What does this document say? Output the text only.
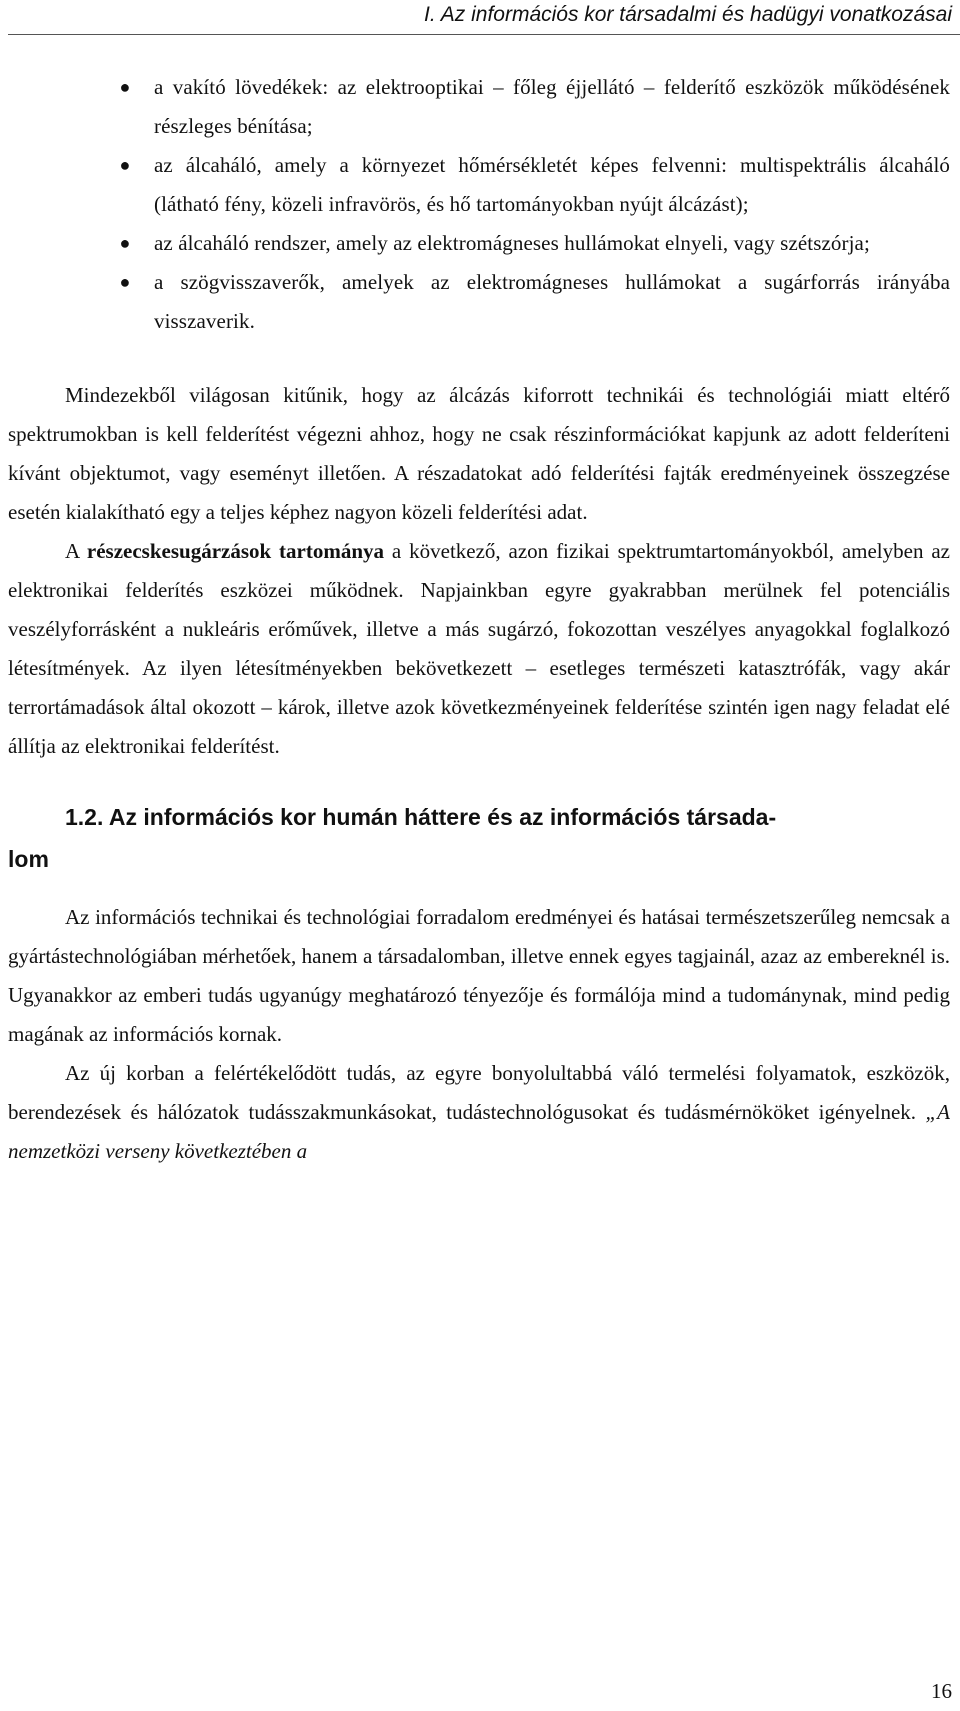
I. Az információs kor társadalmi és hadügyi vonatkozásai
● a vakító lövedékek: az elektrooptikai – főleg éjjellátó – felderítő eszközök működésének részleges bénítása;
● az álcaháló, amely a környezet hőmérsékletét képes felvenni: multispektrális álcaháló (látható fény, közeli infravörös, és hő tartományokban nyújt álcázást);
● az álcaháló rendszer, amely az elektromágneses hullámokat elnyeli, vagy szétszórja;
● a szögvisszaverők, amelyek az elektromágneses hullámokat a sugárforrás irányába visszaverik.

Mindezekből világosan kitűnik, hogy az álcázás kiforrott technikái és technológiái miatt eltérő spektrumokban is kell felderítést végezni ahhoz, hogy ne csak részinformációkat kapjunk az adott felderíteni kívánt objektumot, vagy eseményt illetően. A részadatokat adó felderítési fajták eredményeinek összegzése esetén kialakítható egy a teljes képhez nagyon közeli felderítési adat.

A részecskesugárzások tartománya a következő, azon fizikai spektrumtartományokból, amelyben az elektronikai felderítés eszközei működnek. Napjainkban egyre gyakrabban merülnek fel potenciális veszélyforrásként a nukleáris erőművek, illetve a más sugárzó, fokozottan veszélyes anyagokkal foglalkozó létesítmények. Az ilyen létesítményekben bekövetkezett – esetleges természeti katasztrófák, vagy akár terrortámadások által okozott – károk, illetve azok következményeinek felderítése szintén igen nagy feladat elé állítja az elektronikai felderítést.

1.2. Az információs kor humán háttere és az információs társada-
lom

Az információs technikai és technológiai forradalom eredményei és hatásai természetszerűleg nemcsak a gyártástechnológiában mérhetőek, hanem a társadalomban, illetve ennek egyes tagjainál, azaz az embereknél is. Ugyanakkor az emberi tudás ugyanúgy meghatározó tényezője és formálója mind a tudománynak, mind pedig magának az információs kornak.

Az új korban a felértékelődött tudás, az egyre bonyolultabbá váló termelési folyamatok, eszközök, berendezések és hálózatok tudásszakmunkásokat, tudástechnológusokat és tudásmérnököket igényelnek. „A nemzetközi verseny következtében a

16
